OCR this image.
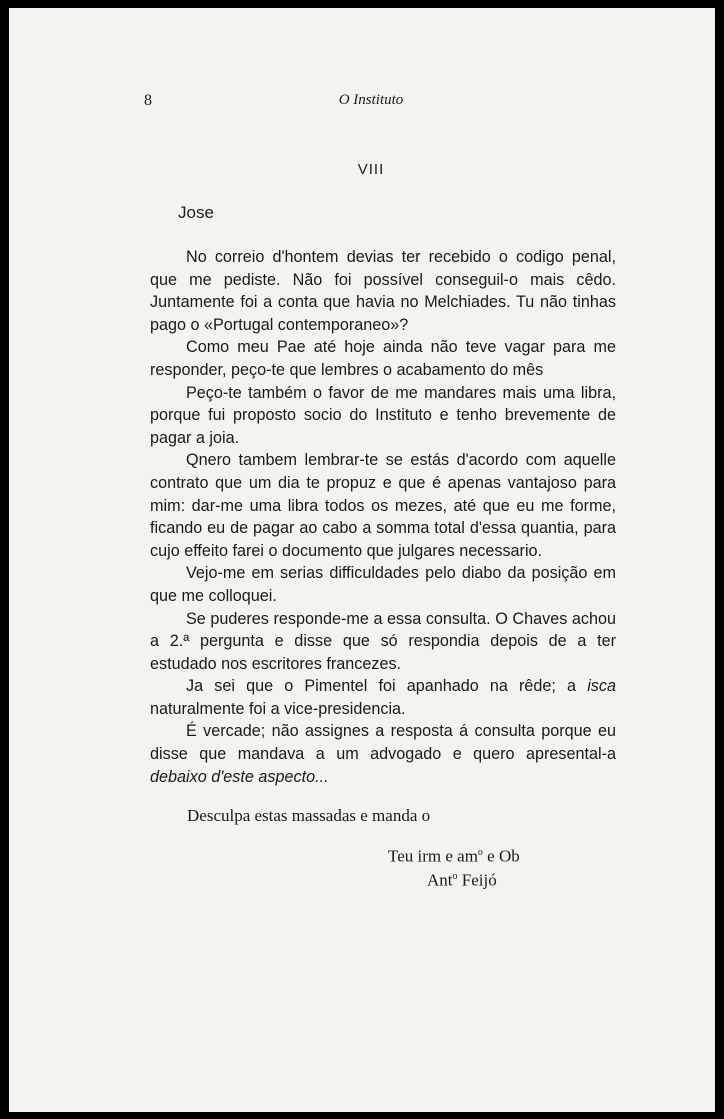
8	O Instituto
VIII
Jose

No correio d'hontem devias ter recebido o codigo penal, que me pediste. Não foi possível conseguil-o mais cêdo. Juntamente foi a conta que havia no Melchiades. Tu não tinhas pago o «Portugal contemporaneo»?

Como meu Pae até hoje ainda não teve vagar para me responder, peço-te que lembres o acabamento do mês

Peço-te também o favor de me mandares mais uma libra, porque fui proposto socio do Instituto e tenho brevemente de pagar a joia.

Qnero tambem lembrar-te se estás d'acordo com aquelle contrato que um dia te propuz e que é apenas vantajoso para mim: dar-me uma libra todos os mezes, até que eu me forme, ficando eu de pagar ao cabo a somma total d'essa quantia, para cujo effeito farei o documento que julgares necessario.

Vejo-me em serias difficuldades pelo diabo da posição em que me colloquei.

Se puderes responde-me a essa consulta. O Chaves achou a 2.ª pergunta e disse que só respondia depois de a ter estudado nos escritores francezes.

Ja sei que o Pimentel foi apanhado na rêde; a isca naturalmente foi a vice-presidencia.

É vercade; não assignes a resposta á consulta porque eu disse que mandava a um advogado e quero apresental-a debaixo d'este aspecto...

Desculpa estas massadas e manda o
Teu irm e $am^o$ e Ob
Ant$^o$ Feijó
